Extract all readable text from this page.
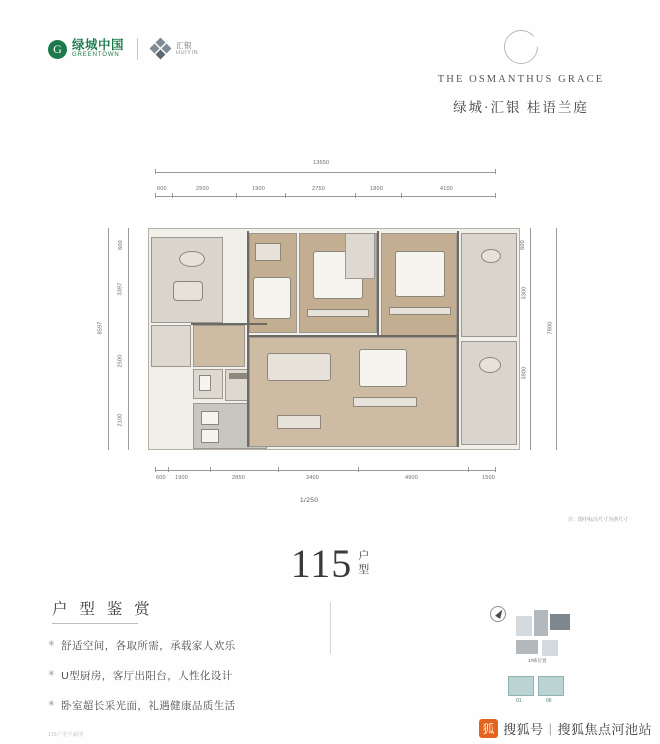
G 绿城中国
GREENTOWN
汇银
HUIYIN
THE OSMANTHUS GRACE
绿城·汇银 桂语兰庭
13650
600	2500	1900	2750	1800	4100
8597
600
3397
2500
2100
600
3300
3900
7800
600 1900	2850	3400	4900	1500
1/250
注：图中标注尺寸为净尺寸
115 户
型
户 型 鉴 赏
✳ 舒适空间，各取所需，承载家人欢乐
✳ U型厨房，客厅出阳台，人性化设计
✳ 卧室超长采光面，礼遇健康品质生活
1#栋位置
01	06
115户型平面图	狐 搜狐号 | 搜狐焦点河池站
